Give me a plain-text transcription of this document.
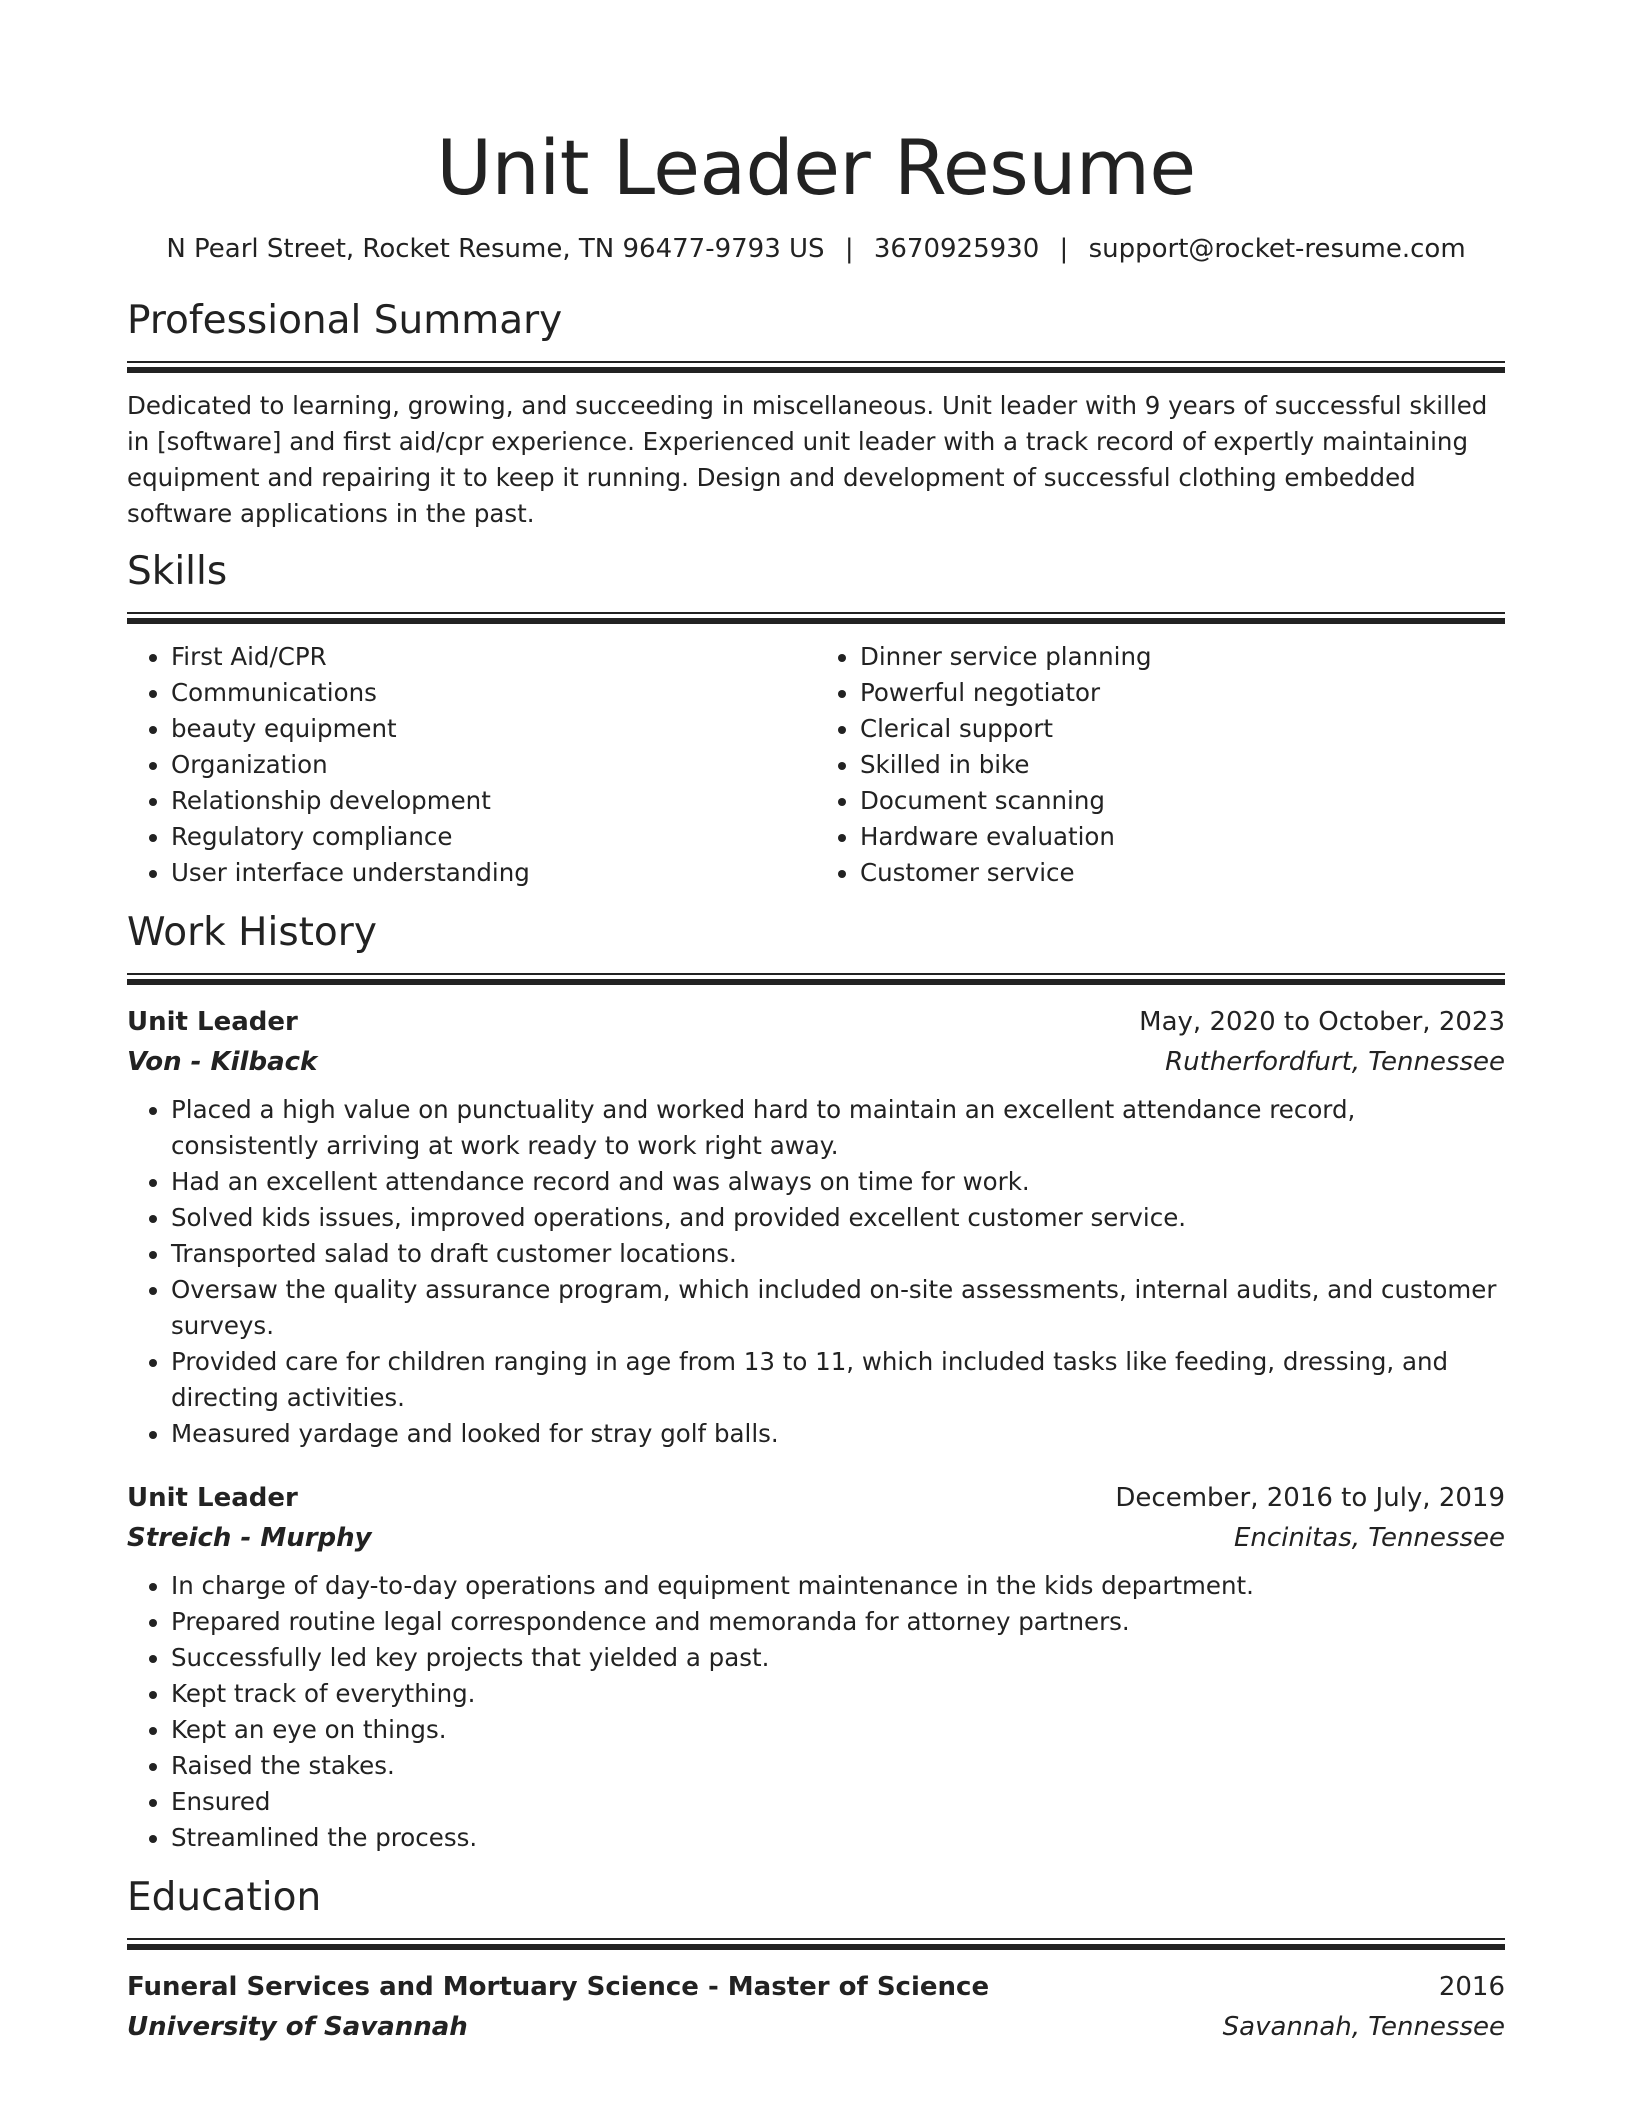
Unit Leader Resume
N Pearl Street, Rocket Resume, TN 96477-9793 US | 3670925930 | support@rocket-resume.com
Professional Summary
Dedicated to learning, growing, and succeeding in miscellaneous. Unit leader with 9 years of successful skilled in [software] and first aid/cpr experience. Experienced unit leader with a track record of expertly maintaining equipment and repairing it to keep it running. Design and development of successful clothing embedded software applications in the past.
Skills
• First Aid/CPR
• Communications
• beauty equipment
• Organization
• Relationship development
• Regulatory compliance
• User interface understanding
• Dinner service planning
• Powerful negotiator
• Clerical support
• Skilled in bike
• Document scanning
• Hardware evaluation
• Customer service
Work History
Unit Leader	May, 2020 to October, 2023
Von - Kilback	Rutherfordfurt, Tennessee
• Placed a high value on punctuality and worked hard to maintain an excellent attendance record, consistently arriving at work ready to work right away.
• Had an excellent attendance record and was always on time for work.
• Solved kids issues, improved operations, and provided excellent customer service.
• Transported salad to draft customer locations.
• Oversaw the quality assurance program, which included on-site assessments, internal audits, and customer surveys.
• Provided care for children ranging in age from 13 to 11, which included tasks like feeding, dressing, and directing activities.
• Measured yardage and looked for stray golf balls.
Unit Leader	December, 2016 to July, 2019
Streich - Murphy	Encinitas, Tennessee
• In charge of day-to-day operations and equipment maintenance in the kids department.
• Prepared routine legal correspondence and memoranda for attorney partners.
• Successfully led key projects that yielded a past.
• Kept track of everything.
• Kept an eye on things.
• Raised the stakes.
• Ensured
• Streamlined the process.
Education
Funeral Services and Mortuary Science - Master of Science	2016
University of Savannah	Savannah, Tennessee
